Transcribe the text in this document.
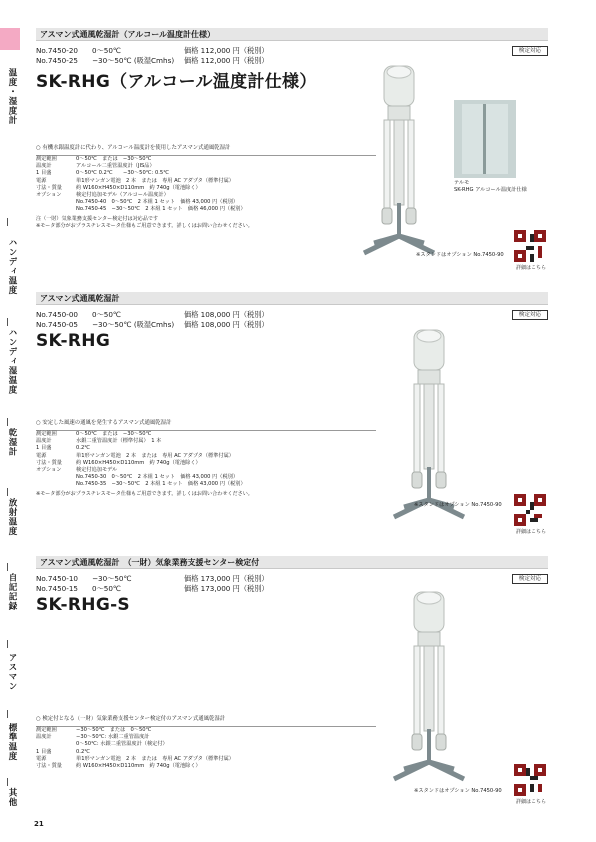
温度・湿度計
ハンディ温度
ハンディ湿温度
乾湿計
放射温度
自記記録
アスマン
標準温度
其他
アスマン式通風乾湿計（アルコール温度計仕様）
No.7450-20 0〜50℃	価格 112,000 円（税別）
No.7450-25 −30〜50℃ (吸湿Cmhs) 価格 112,000 円（税別）
検定対応
SK-RHG（アルコール温度計仕様）
テルモ
SK-RHG アルコール温度計仕様
○ 有機水銀温度計に代わり、アルコール温度計を使用したアスマン式通風乾湿計
測定範囲	0〜50℃　または　−30〜50℃
温度計	アルコール二重管温度計（JIS品）
1 目盛	0〜50℃ 0.2℃　　−30〜50℃: 0.5℃
電源	単1形マンガン電池　2 本　または　専用 AC アダプタ（標準付属）
寸法・質量	約 W160×H450×D110mm　約 740g（電池除く）
オプション	検定付追加モデル（アルコール温度計）
No.7450-40　0〜50℃　2 本組 1 セット　価格 43,000 円（税別）
No.7450-45　−30〜50℃　2 本組 1 セット　価格 46,000 円（税別）
注（一財）気象業務支援センター検定付は対応品です
※モータ部分がおプラスチレスモータ仕様もご用意できます。詳しくはお問い合わせください。
※スタンドはオプション No.7450-90
詳細はこちら
アスマン式通風乾湿計
No.7450-00 0〜50℃	価格 108,000 円（税別）
No.7450-05 −30〜50℃ (吸湿Cmhs) 価格 108,000 円（税別）
検定対応
SK-RHG
○ 安定した風速の通風を発生するアスマン式通風乾湿計
測定範囲	0〜50℃　または　−30〜50℃
温度計	水銀二重管温度計（標準付属）　1 本
1 目盛	0.2℃
電源	単1形マンガン電池　2 本　または　専用 AC アダプタ（標準付属）
寸法・質量	約 W160×H450×D110mm　約 740g（電池除く）
オプション	検定付追加モデル
No.7450-30　0〜50℃　2 本組 1 セット　価格 43,000 円（税別）
No.7450-35　−30〜50℃　2 本組 1 セット　価格 43,000 円（税別）
※モータ部分がおプラスチレスモータ仕様もご用意できます。詳しくはお問い合わせください。
※スタンドはオプション No.7450-90
詳細はこちら
アスマン式通風乾湿計　（一財）気象業務支援センター検定付
No.7450-10 −30〜50℃	価格 173,000 円（税別）
No.7450-15 0〜50℃	価格 173,000 円（税別）
検定対応
SK-RHG-S
○ 検定付となる（一財）気象業務支援センター検定付のアスマン式通風乾湿計
測定範囲	−30〜50℃　または　0〜50℃
温度計	−30〜50℃: 水銀二重管温度計
0〜50℃: 水銀二重管温度計（検定付）
1 目盛	0.2℃
電源	単1形マンガン電池　2 本　または　専用 AC アダプタ（標準付属）
寸法・質量	約 W160×H450×D110mm　約 740g（電池除く）
※スタンドはオプション No.7450-90
詳細はこちら
21
